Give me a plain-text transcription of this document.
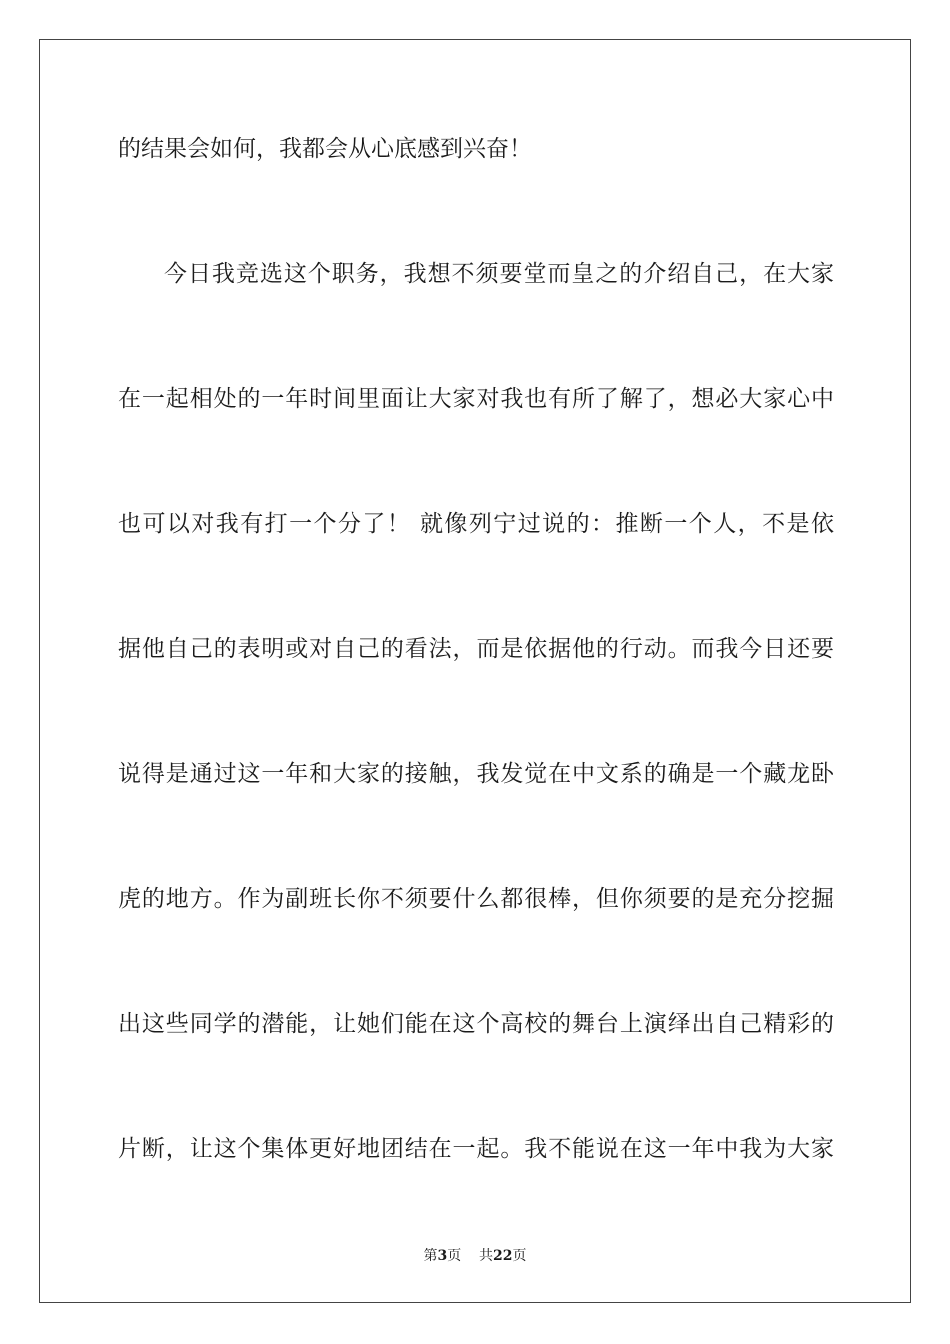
的结果会如何，我都会从心底感到兴奋！
今日我竞选这个职务，我想不须要堂而皇之的介绍自己，在大家
在一起相处的一年时间里面让大家对我也有所了解了，想必大家心中
也可以对我有打一个分了！ 就像列宁过说的：推断一个人，不是依
据他自己的表明或对自己的看法，而是依据他的行动。而我今日还要
说得是通过这一年和大家的接触，我发觉在中文系的确是一个藏龙卧
虎的地方。作为副班长你不须要什么都很棒，但你须要的是充分挖掘
出这些同学的潜能，让她们能在这个高校的舞台上演绎出自己精彩的
片断，让这个集体更好地团结在一起。我不能说在这一年中我为大家
第3页 共22页
